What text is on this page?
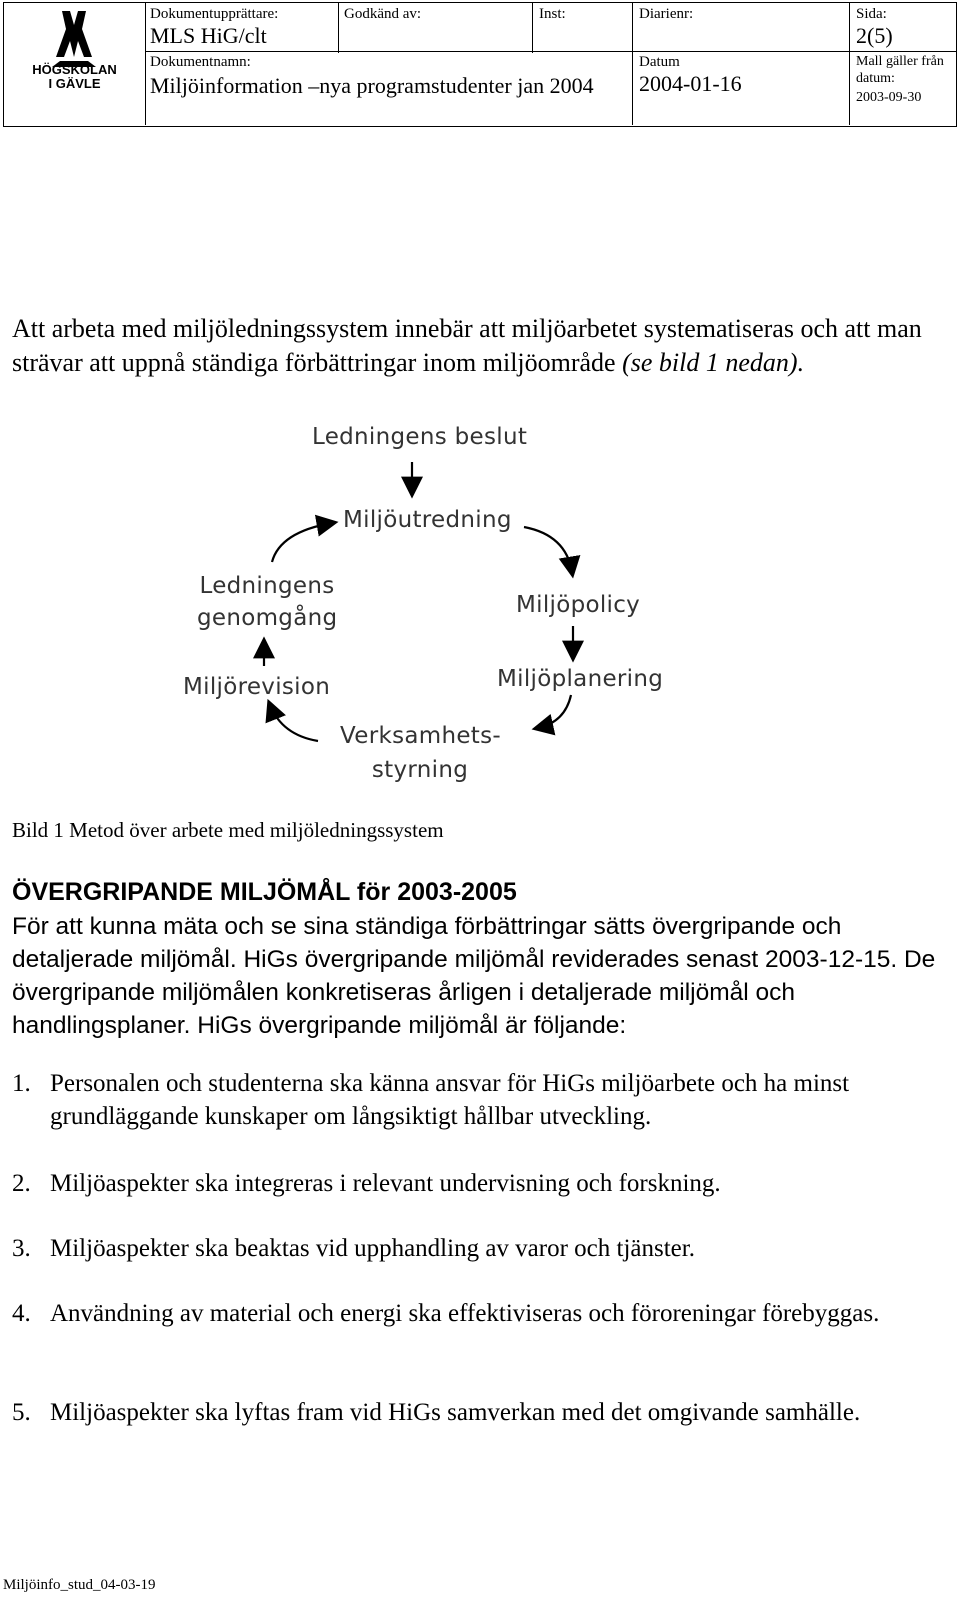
HÖGSKOLAN
I GÄVLE
Dokumentupprättare:
MLS HiG/clt
Godkänd av:	Inst:	Diarienr:	Sida:
2(5)
Dokumentnamn:
Miljöinformation –nya programstudenter jan 2004
Datum
2004-01-16
Mall gäller från datum:
2003-09-30
Att arbeta med miljöledningssystem innebär att miljöarbetet systematiseras och att man strävar att uppnå ständiga förbättringar inom miljöområde (se bild 1 nedan).
Ledningens beslut
Miljöutredning
Ledningens
genomgång	Miljöpolicy
Miljörevision	Miljöplanering
Verksamhets-
styrning
Bild 1 Metod över arbete med miljöledningssystem
ÖVERGRIPANDE MILJÖMÅL för 2003-2005
För att kunna mäta och se sina ständiga förbättringar sätts övergripande och detaljerade miljömål. HiGs övergripande miljömål reviderades senast 2003-12-15. De övergripande miljömålen konkretiseras årligen i detaljerade miljömål och handlingsplaner. HiGs övergripande miljömål är följande:
1. Personalen och studenterna ska känna ansvar för HiGs miljöarbete och ha minst grundläggande kunskaper om långsiktigt hållbar utveckling.
2. Miljöaspekter ska integreras i relevant undervisning och forskning.
3. Miljöaspekter ska beaktas vid upphandling av varor och tjänster.
4. Användning av material och energi ska effektiviseras och föroreningar förebyggas.
5. Miljöaspekter ska lyftas fram vid HiGs samverkan med det omgivande samhälle.
Miljöinfo_stud_04-03-19
